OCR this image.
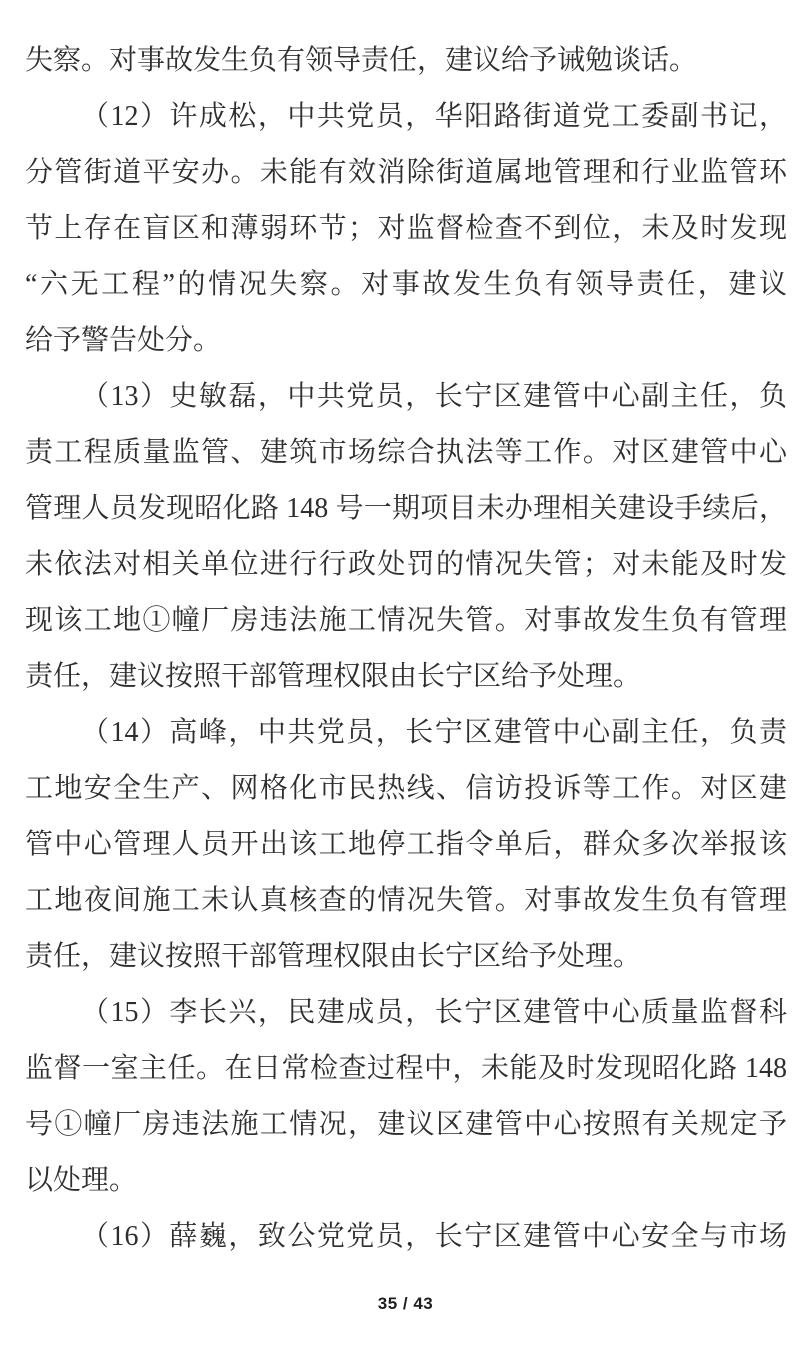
失察。对事故发生负有领导责任，建议给予诫勉谈话。

（12）许成松，中共党员，华阳路街道党工委副书记，

分管街道平安办。未能有效消除街道属地管理和行业监管环

节上存在盲区和薄弱环节；对监督检查不到位，未及时发现

“六无工程”的情况失察。对事故发生负有领导责任，建议

给予警告处分。

（13）史敏磊，中共党员，长宁区建管中心副主任，负

责工程质量监管、建筑市场综合执法等工作。对区建管中心

管理人员发现昭化路 148 号一期项目未办理相关建设手续后，

未依法对相关单位进行行政处罚的情况失管；对未能及时发

现该工地①幢厂房违法施工情况失管。对事故发生负有管理

责任，建议按照干部管理权限由长宁区给予处理。

（14）高峰，中共党员，长宁区建管中心副主任，负责

工地安全生产、网格化市民热线、信访投诉等工作。对区建

管中心管理人员开出该工地停工指令单后，群众多次举报该

工地夜间施工未认真核查的情况失管。对事故发生负有管理

责任，建议按照干部管理权限由长宁区给予处理。

（15）李长兴，民建成员，长宁区建管中心质量监督科

监督一室主任。在日常检查过程中，未能及时发现昭化路 148

号①幢厂房违法施工情况，建议区建管中心按照有关规定予

以处理。

（16）薛巍，致公党党员，长宁区建管中心安全与市场

35 / 43
